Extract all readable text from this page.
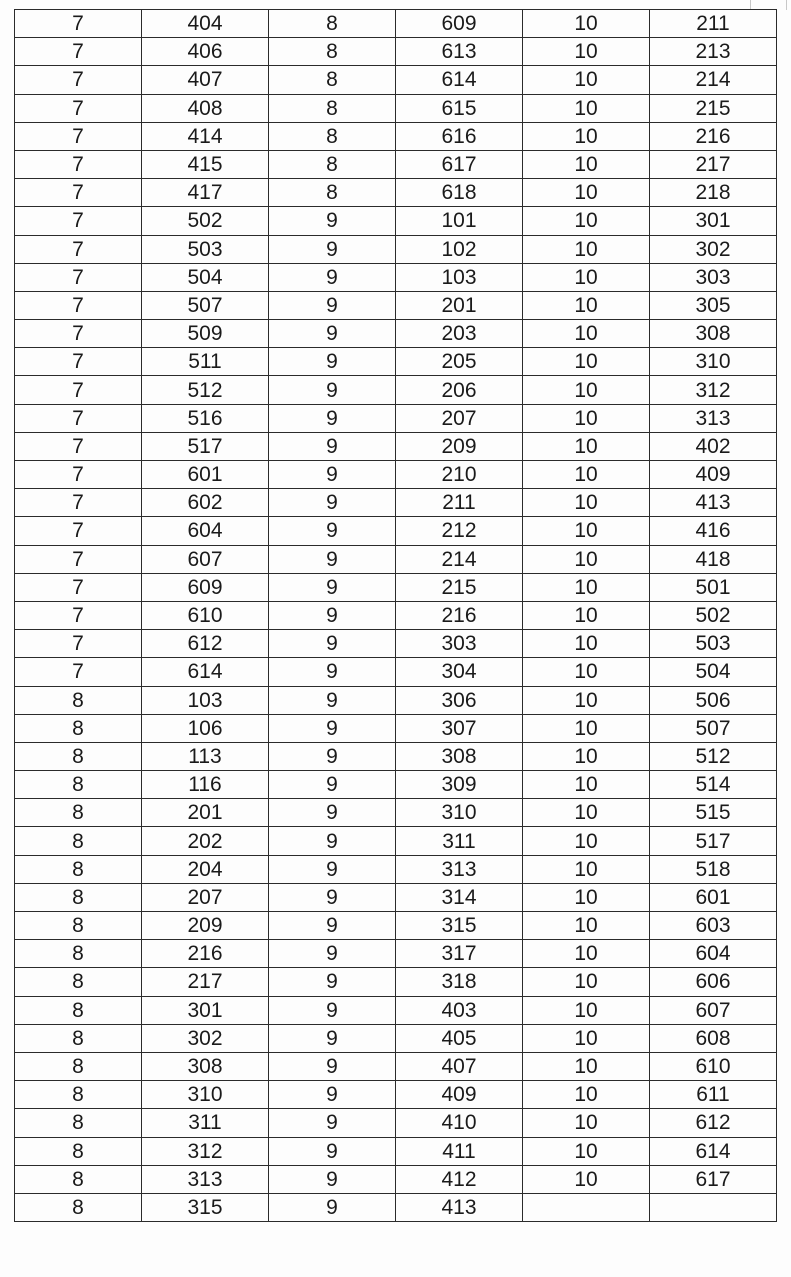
7	404	8	609	10	211
7	406	8	613	10	213
7	407	8	614	10	214
7	408	8	615	10	215
7	414	8	616	10	216
7	415	8	617	10	217
7	417	8	618	10	218
7	502	9	101	10	301
7	503	9	102	10	302
7	504	9	103	10	303
7	507	9	201	10	305
7	509	9	203	10	308
7	511	9	205	10	310
7	512	9	206	10	312
7	516	9	207	10	313
7	517	9	209	10	402
7	601	9	210	10	409
7	602	9	211	10	413
7	604	9	212	10	416
7	607	9	214	10	418
7	609	9	215	10	501
7	610	9	216	10	502
7	612	9	303	10	503
7	614	9	304	10	504
8	103	9	306	10	506
8	106	9	307	10	507
8	113	9	308	10	512
8	116	9	309	10	514
8	201	9	310	10	515
8	202	9	311	10	517
8	204	9	313	10	518
8	207	9	314	10	601
8	209	9	315	10	603
8	216	9	317	10	604
8	217	9	318	10	606
8	301	9	403	10	607
8	302	9	405	10	608
8	308	9	407	10	610
8	310	9	409	10	611
8	311	9	410	10	612
8	312	9	411	10	614
8	313	9	412	10	617
8	315	9	413		
